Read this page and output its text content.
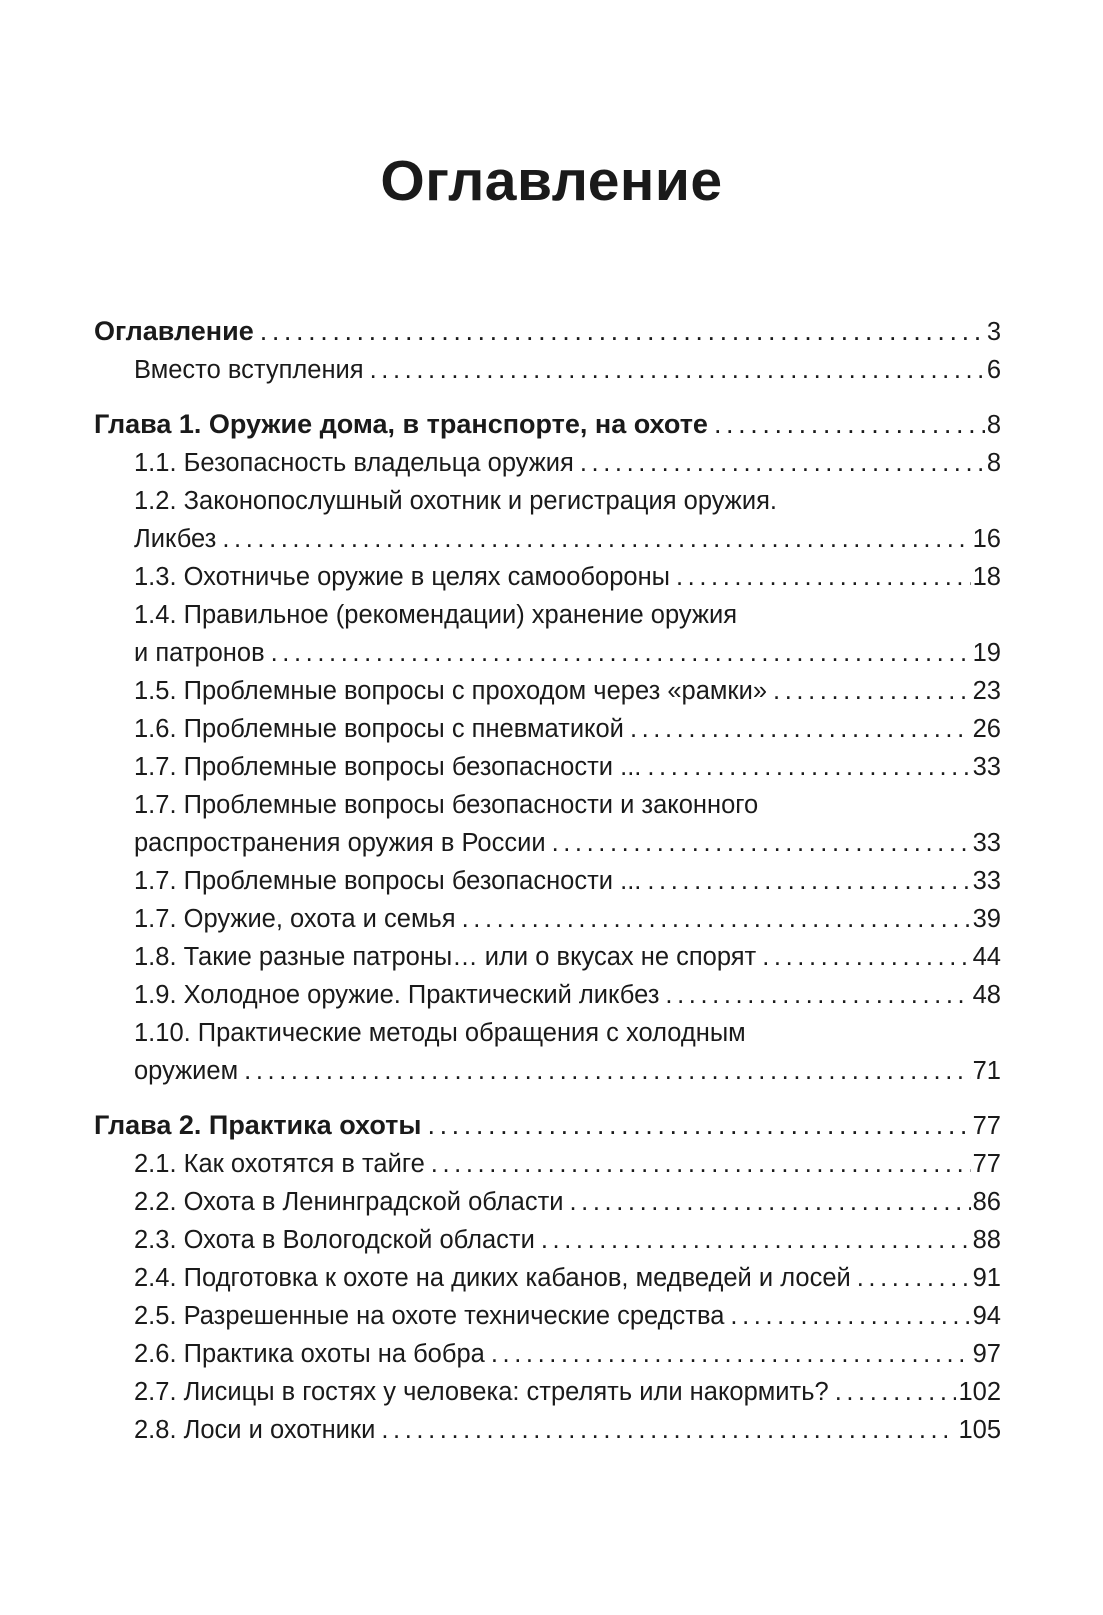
Оглавление
Оглавление .....	3
Вместо вступления .....	6
Глава 1. Оружие дома, в транспорте, на охоте .....	8
1.1. Безопасность владельца оружия .....	8
1.2. Законопослушный охотник и регистрация оружия.
Ликбез .....	16
1.3. Охотничье оружие в целях самообороны .....	18
1.4. Правильное (рекомендации) хранение оружия
и патронов .....	19
1.5. Проблемные вопросы с проходом через «рамки» .....	23
1.6. Проблемные вопросы с пневматикой .....	26
1.7. Проблемные вопросы безопасности ... .....	33
1.7. Проблемные вопросы безопасности и законного
распространения оружия в России .....	33
1.7. Проблемные вопросы безопасности ... .....	33
1.7. Оружие, охота и семья .....	39
1.8. Такие разные патроны… или о вкусах не спорят .....	44
1.9. Холодное оружие. Практический ликбез .....	48
1.10. Практические методы обращения с холодным
оружием .....	71
Глава 2. Практика охоты .....	77
2.1. Как охотятся в тайге .....	77
2.2. Охота в Ленинградской области .....	86
2.3. Охота в Вологодской области .....	88
2.4. Подготовка к охоте на диких кабанов, медведей и лосей .....	91
2.5. Разрешенные на охоте технические средства .....	94
2.6. Практика охоты на бобра .....	97
2.7. Лисицы в гостях у человека: стрелять или накормить? .....	102
2.8. Лоси и охотники .....	105
